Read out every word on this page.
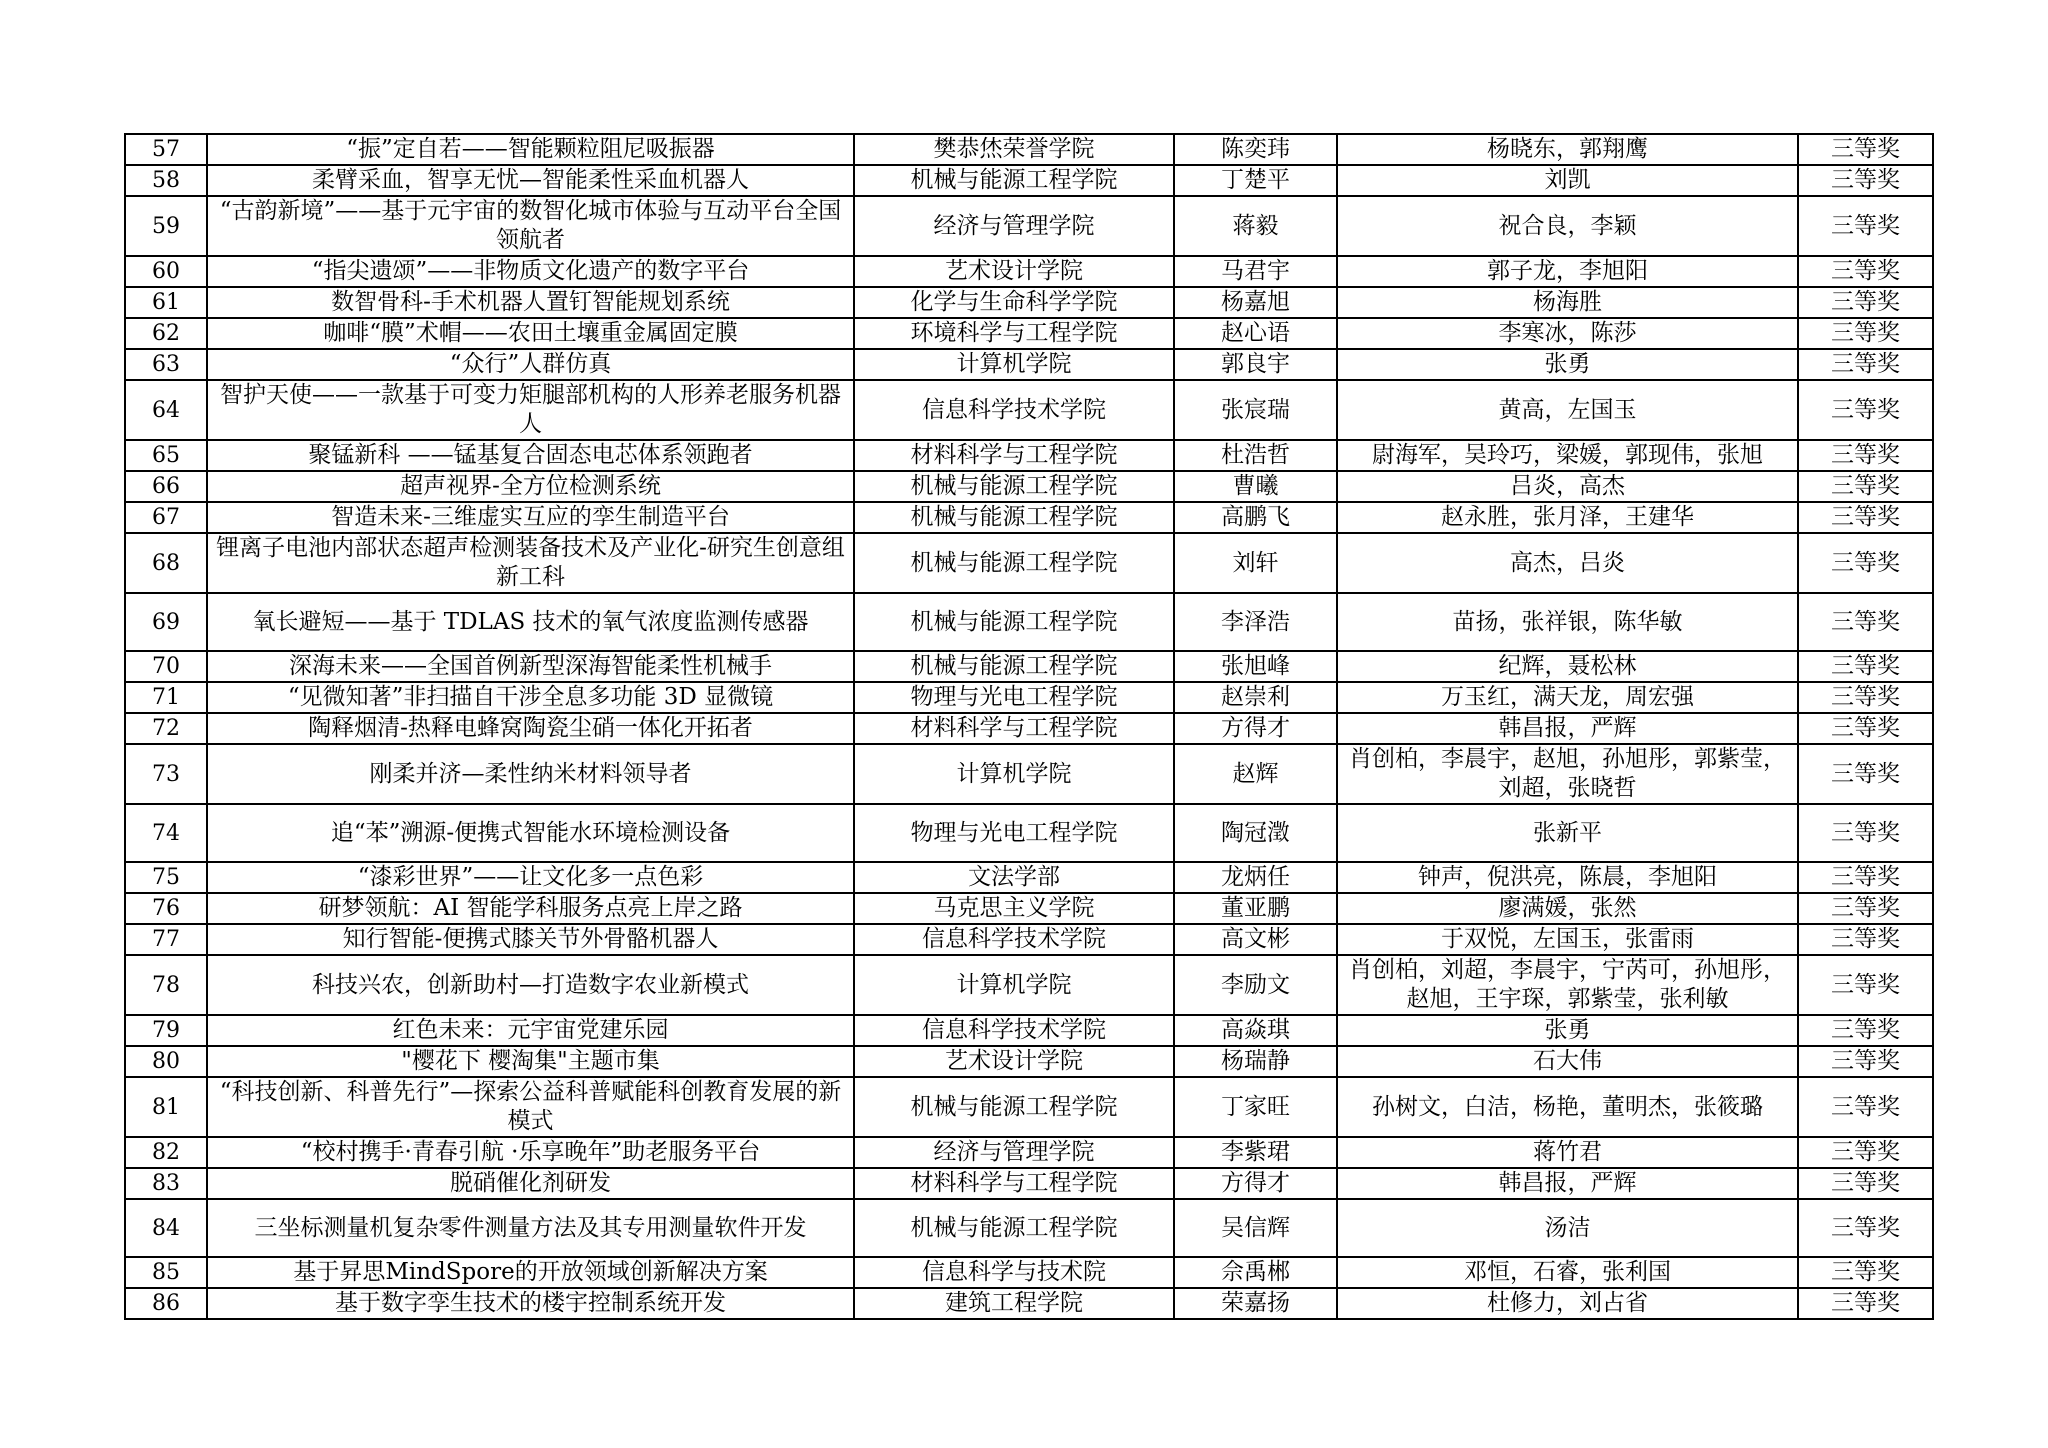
57	“振”定自若——智能颗粒阻尼吸振器	樊恭烋荣誉学院	陈奕玮	杨晓东，郭翔鹰	三等奖
58	柔臂采血，智享无忧—智能柔性采血机器人	机械与能源工程学院	丁楚平	刘凯	三等奖
59	“古韵新境”——基于元宇宙的数智化城市体验与互动平台全国领航者	经济与管理学院	蒋毅	祝合良，李颖	三等奖
60	“指尖遗颂”——非物质文化遗产的数字平台	艺术设计学院	马君宇	郭子龙，李旭阳	三等奖
61	数智骨科-手术机器人置钉智能规划系统	化学与生命科学学院	杨嘉旭	杨海胜	三等奖
62	咖啡“膜”术帽——农田土壤重金属固定膜	环境科学与工程学院	赵心语	李寒冰，陈莎	三等奖
63	“众行”人群仿真	计算机学院	郭良宇	张勇	三等奖
64	智护天使——一款基于可变力矩腿部机构的人形养老服务机器人	信息科学技术学院	张宸瑞	黄高，左国玉	三等奖
65	聚锰新科 ——锰基复合固态电芯体系领跑者	材料科学与工程学院	杜浩哲	尉海军，吴玲巧，梁媛，郭现伟，张旭	三等奖
66	超声视界-全方位检测系统	机械与能源工程学院	曹曦	吕炎，高杰	三等奖
67	智造未来-三维虚实互应的孪生制造平台	机械与能源工程学院	高鹏飞	赵永胜，张月泽，王建华	三等奖
68	锂离子电池内部状态超声检测装备技术及产业化-研究生创意组新工科	机械与能源工程学院	刘轩	高杰，吕炎	三等奖
69	氧长避短——基于 TDLAS 技术的氧气浓度监测传感器	机械与能源工程学院	李泽浩	苗扬，张祥银，陈华敏	三等奖
70	深海未来——全国首例新型深海智能柔性机械手	机械与能源工程学院	张旭峰	纪辉，聂松林	三等奖
71	“见微知著”非扫描自干涉全息多功能 3D 显微镜	物理与光电工程学院	赵崇利	万玉红，满天龙，周宏强	三等奖
72	陶释烟清-热释电蜂窝陶瓷尘硝一体化开拓者	材料科学与工程学院	方得才	韩昌报，严辉	三等奖
73	刚柔并济—柔性纳米材料领导者	计算机学院	赵辉	肖创柏，李晨宇，赵旭，孙旭彤，郭紫莹，刘超，张晓哲	三等奖
74	追“苯”溯源-便携式智能水环境检测设备	物理与光电工程学院	陶冠澂	张新平	三等奖
75	“漆彩世界”——让文化多一点色彩	文法学部	龙炳任	钟声，倪洪亮，陈晨，李旭阳	三等奖
76	研梦领航：AI 智能学科服务点亮上岸之路	马克思主义学院	董亚鹏	廖满媛，张然	三等奖
77	知行智能-便携式膝关节外骨骼机器人	信息科学技术学院	高文彬	于双悦，左国玉，张雷雨	三等奖
78	科技兴农，创新助村—打造数字农业新模式	计算机学院	李励文	肖创柏，刘超，李晨宇，宁芮可，孙旭彤，赵旭，王宇琛，郭紫莹，张利敏	三等奖
79	红色未来：元宇宙党建乐园	信息科学技术学院	高焱琪	张勇	三等奖
80	"樱花下 樱淘集"主题市集	艺术设计学院	杨瑞静	石大伟	三等奖
81	“科技创新、科普先行”—探索公益科普赋能科创教育发展的新模式	机械与能源工程学院	丁家旺	孙树文，白洁，杨艳，董明杰，张筱璐	三等奖
82	“校村携手·青春引航 ·乐享晚年”助老服务平台	经济与管理学院	李紫珺	蒋竹君	三等奖
83	脱硝催化剂研发	材料科学与工程学院	方得才	韩昌报，严辉	三等奖
84	三坐标测量机复杂零件测量方法及其专用测量软件开发	机械与能源工程学院	吴信辉	汤洁	三等奖
85	基于昇思MindSpore的开放领域创新解决方案	信息科学与技术院	佘禹郴	邓恒，石睿，张利国	三等奖
86	基于数字孪生技术的楼宇控制系统开发	建筑工程学院	荣嘉扬	杜修力，刘占省	三等奖
